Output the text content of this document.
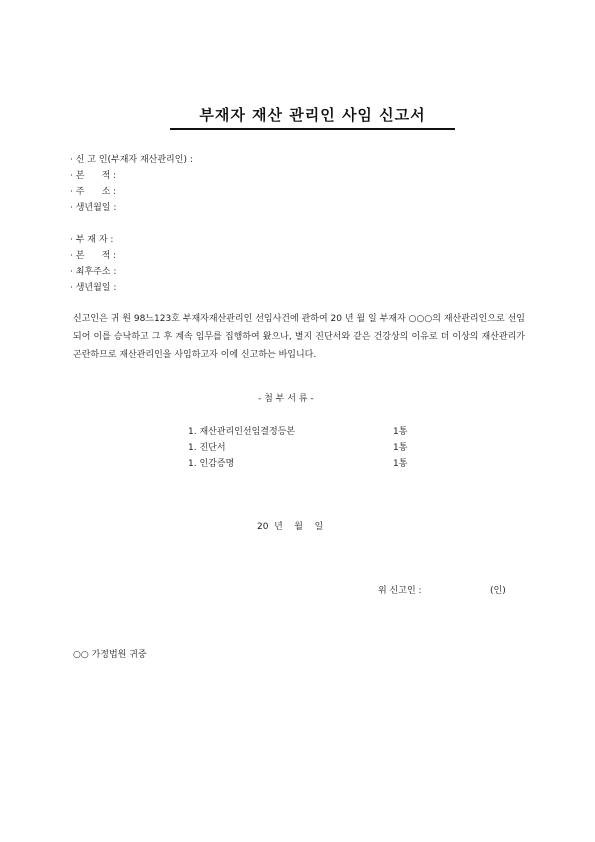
부재자 재산 관리인 사임 신고서
· 신 고 인(부재자 재산관리인) :
· 본      적 :
· 주      소 :
· 생년월일 :
· 부 재 자 :
· 본      적 :
· 최후주소 :
· 생년월일 :
신고인은 귀 원 98느123호 부재자재산관리인 선임사건에 관하여 20 년 월 일 부재자 ○○○의 재산관리인으로 선임되어 이를 승낙하고 그 후 계속 임무를 집행하여 왔으나, 별지 진단서와 같은 건강상의 이유로 더 이상의 재산관리가 곤란하므로 재산관리인을 사임하고자 이에 신고하는 바입니다.
- 첨 부 서 류 -
1. 재산관리인선임결정등본	1통
1. 진단서	1통
1. 인감증명	1통
20  년    월    일
위 신고인 :	(인)
○○ 가정법원 귀중
